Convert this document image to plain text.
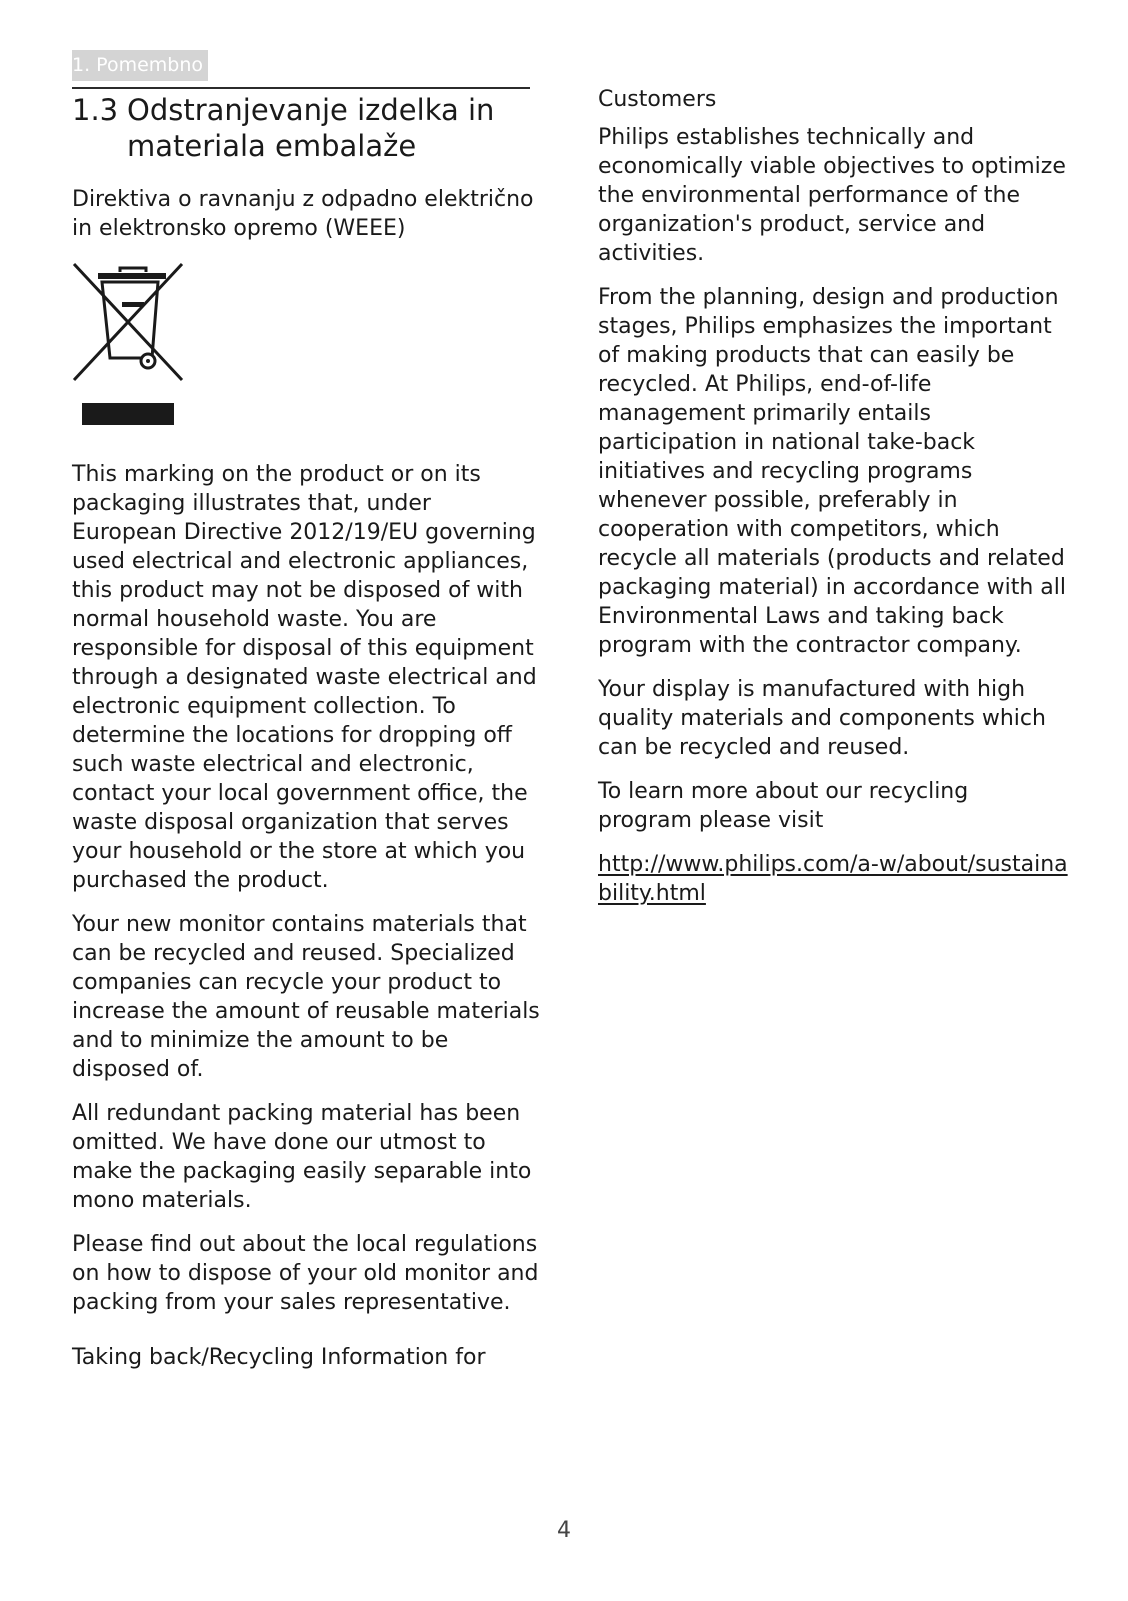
1. Pomembno
1.3 Odstranjevanje izdelka in materiala embalaže

Direktiva o ravnanju z odpadno električno in elektronsko opremo (WEEE)

This marking on the product or on its packaging illustrates that, under European Directive 2012/19/EU governing used electrical and electronic appliances, this product may not be disposed of with normal household waste. You are responsible for disposal of this equipment through a designated waste electrical and electronic equipment collection. To determine the locations for dropping off such waste electrical and electronic, contact your local government office, the waste disposal organization that serves your household or the store at which you purchased the product.

Your new monitor contains materials that can be recycled and reused. Specialized companies can recycle your product to increase the amount of reusable materials and to minimize the amount to be disposed of.

All redundant packing material has been omitted. We have done our utmost to make the packaging easily separable into mono materials.

Please find out about the local regulations on how to dispose of your old monitor and packing from your sales representative.

Taking back/Recycling Information for

Customers

Philips establishes technically and economically viable objectives to optimize the environmental performance of the organization's product, service and activities.

From the planning, design and production stages, Philips emphasizes the important of making products that can easily be recycled. At Philips, end-of-life management primarily entails participation in national take-back initiatives and recycling programs whenever possible, preferably in cooperation with competitors, which recycle all materials (products and related packaging material) in accordance with all Environmental Laws and taking back program with the contractor company.

Your display is manufactured with high quality materials and components which can be recycled and reused.

To learn more about our recycling program please visit

http://www.philips.com/a-w/about/sustainability.html

4
